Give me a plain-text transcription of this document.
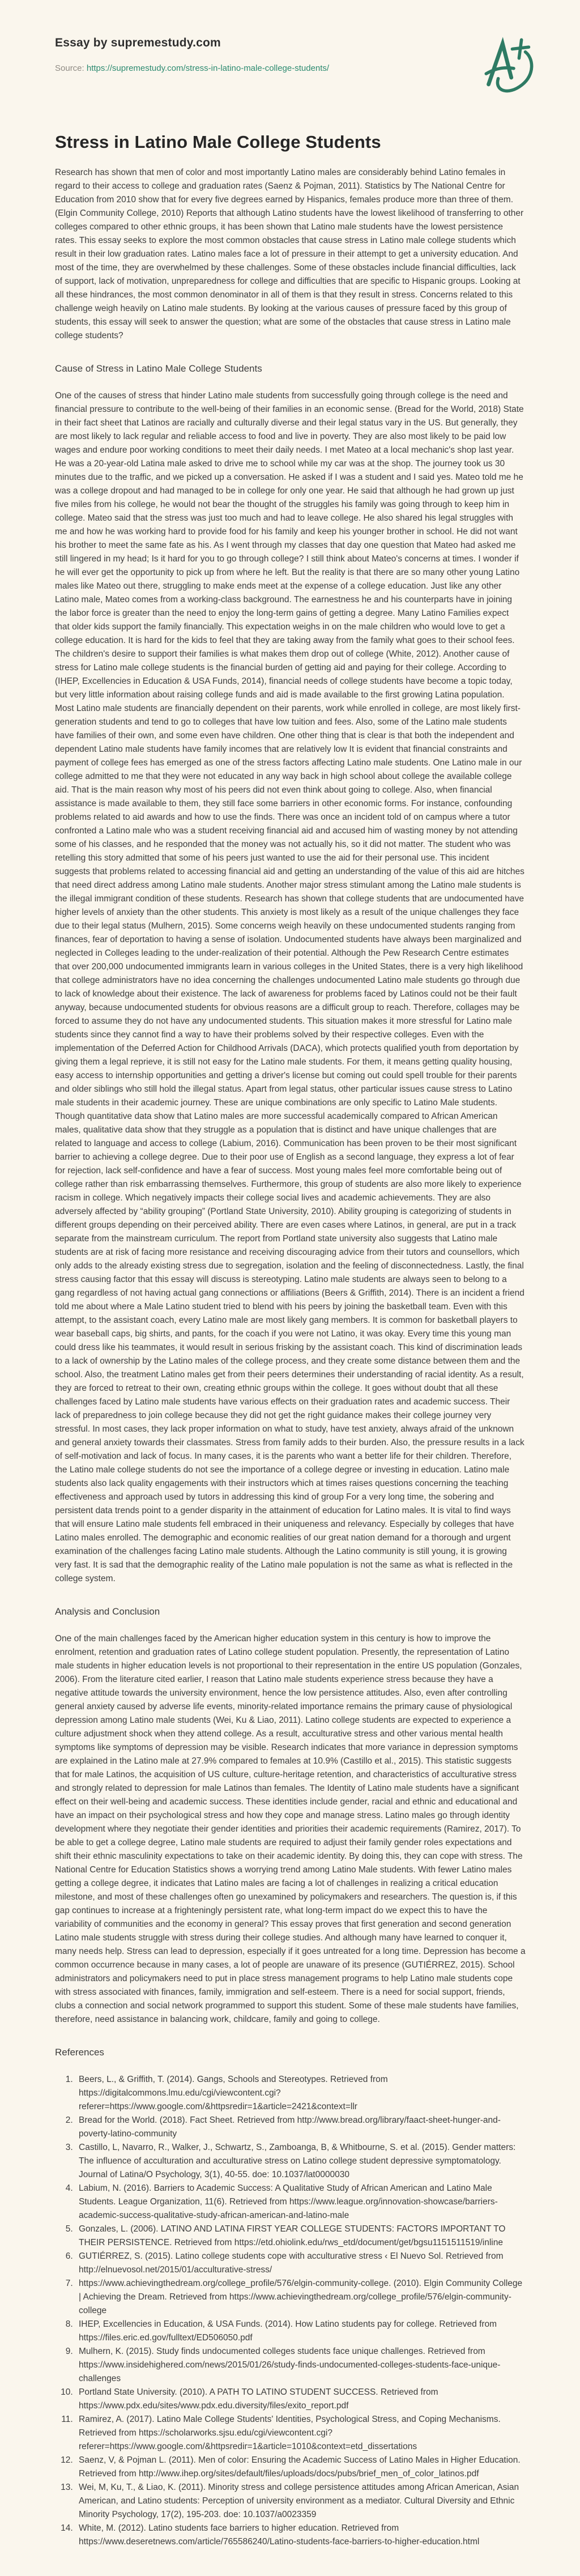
Essay by supremestudy.com

Source: https://supremestudy.com/stress-in-latino-male-college-students/

Stress in Latino Male College Students

Research has shown that men of color and most importantly Latino males are considerably behind Latino females in regard to their access to college and graduation rates (Saenz & Pojman, 2011). Statistics by The National Centre for Education from 2010 show that for every five degrees earned by Hispanics, females produce more than three of them. (Elgin Community College, 2010) Reports that although Latino students have the lowest likelihood of transferring to other colleges compared to other ethnic groups, it has been shown that Latino male students have the lowest persistence rates. This essay seeks to explore the most common obstacles that cause stress in Latino male college students which result in their low graduation rates. Latino males face a lot of pressure in their attempt to get a university education. And most of the time, they are overwhelmed by these challenges. Some of these obstacles include financial difficulties, lack of support, lack of motivation, unpreparedness for college and difficulties that are specific to Hispanic groups. Looking at all these hindrances, the most common denominator in all of them is that they result in stress. Concerns related to this challenge weigh heavily on Latino male students. By looking at the various causes of pressure faced by this group of students, this essay will seek to answer the question; what are some of the obstacles that cause stress in Latino male college students?

Cause of Stress in Latino Male College Students

One of the causes of stress that hinder Latino male students from successfully going through college is the need and financial pressure to contribute to the well-being of their families in an economic sense. (Bread for the World, 2018) State in their fact sheet that Latinos are racially and culturally diverse and their legal status vary in the US. But generally, they are most likely to lack regular and reliable access to food and live in poverty. They are also most likely to be paid low wages and endure poor working conditions to meet their daily needs. I met Mateo at a local mechanic's shop last year. He was a 20-year-old Latina male asked to drive me to school while my car was at the shop. The journey took us 30 minutes due to the traffic, and we picked up a conversation. He asked if I was a student and I said yes. Mateo told me he was a college dropout and had managed to be in college for only one year. He said that although he had grown up just five miles from his college, he would not bear the thought of the struggles his family was going through to keep him in college. Mateo said that the stress was just too much and had to leave college. He also shared his legal struggles with me and how he was working hard to provide food for his family and keep his younger brother in school. He did not want his brother to meet the same fate as his. As I went through my classes that day one question that Mateo had asked me still lingered in my head; Is it hard for you to go through college? I still think about Mateo's concerns at times. I wonder if he will ever get the opportunity to pick up from where he left. But the reality is that there are so many other young Latino males like Mateo out there, struggling to make ends meet at the expense of a college education. Just like any other Latino male, Mateo comes from a working-class background. The earnestness he and his counterparts have in joining the labor force is greater than the need to enjoy the long-term gains of getting a degree. Many Latino Families expect that older kids support the family financially. This expectation weighs in on the male children who would love to get a college education. It is hard for the kids to feel that they are taking away from the family what goes to their school fees. The children's desire to support their families is what makes them drop out of college (White, 2012). Another cause of stress for Latino male college students is the financial burden of getting aid and paying for their college. According to (IHEP, Excellencies in Education & USA Funds, 2014), financial needs of college students have become a topic today, but very little information about raising college funds and aid is made available to the first growing Latina population. Most Latino male students are financially dependent on their parents, work while enrolled in college, are most likely first-generation students and tend to go to colleges that have low tuition and fees. Also, some of the Latino male students have families of their own, and some even have children. One other thing that is clear is that both the independent and dependent Latino male students have family incomes that are relatively low It is evident that financial constraints and payment of college fees has emerged as one of the stress factors affecting Latino male students. One Latino male in our college admitted to me that they were not educated in any way back in high school about college the available college aid. That is the main reason why most of his peers did not even think about going to college. Also, when financial assistance is made available to them, they still face some barriers in other economic forms. For instance, confounding problems related to aid awards and how to use the finds. There was once an incident told of on campus where a tutor confronted a Latino male who was a student receiving financial aid and accused him of wasting money by not attending some of his classes, and he responded that the money was not actually his, so it did not matter. The student who was retelling this story admitted that some of his peers just wanted to use the aid for their personal use. This incident suggests that problems related to accessing financial aid and getting an understanding of the value of this aid are hitches that need direct address among Latino male students. Another major stress stimulant among the Latino male students is the illegal immigrant condition of these students. Research has shown that college students that are undocumented have higher levels of anxiety than the other students. This anxiety is most likely as a result of the unique challenges they face due to their legal status (Mulhern, 2015). Some concerns weigh heavily on these undocumented students ranging from finances, fear of deportation to having a sense of isolation. Undocumented students have always been marginalized and neglected in Colleges leading to the under-realization of their potential. Although the Pew Research Centre estimates that over 200,000 undocumented immigrants learn in various colleges in the United States, there is a very high likelihood that college administrators have no idea concerning the challenges undocumented Latino male students go through due to lack of knowledge about their existence. The lack of awareness for problems faced by Latinos could not be their fault anyway, because undocumented students for obvious reasons are a difficult group to reach. Therefore, collages may be forced to assume they do not have any undocumented students. This situation makes it more stressful for Latino male students since they cannot find a way to have their problems solved by their respective colleges. Even with the implementation of the Deferred Action for Childhood Arrivals (DACA), which protects qualified youth from deportation by giving them a legal reprieve, it is still not easy for the Latino male students. For them, it means getting quality housing, easy access to internship opportunities and getting a driver's license but coming out could spell trouble for their parents and older siblings who still hold the illegal status. Apart from legal status, other particular issues cause stress to Latino male students in their academic journey. These are unique combinations are only specific to Latino Male students. Though quantitative data show that Latino males are more successful academically compared to African American males, qualitative data show that they struggle as a population that is distinct and have unique challenges that are related to language and access to college (Labium, 2016). Communication has been proven to be their most significant barrier to achieving a college degree. Due to their poor use of English as a second language, they express a lot of fear for rejection, lack self-confidence and have a fear of success. Most young males feel more comfortable being out of college rather than risk embarrassing themselves. Furthermore, this group of students are also more likely to experience racism in college. Which negatively impacts their college social lives and academic achievements. They are also adversely affected by “ability grouping” (Portland State University, 2010). Ability grouping is categorizing of students in different groups depending on their perceived ability. There are even cases where Latinos, in general, are put in a track separate from the mainstream curriculum. The report from Portland state university also suggests that Latino male students are at risk of facing more resistance and receiving discouraging advice from their tutors and counsellors, which only adds to the already existing stress due to segregation, isolation and the feeling of disconnectedness. Lastly, the final stress causing factor that this essay will discuss is stereotyping. Latino male students are always seen to belong to a gang regardless of not having actual gang connections or affiliations (Beers & Griffith, 2014). There is an incident a friend told me about where a Male Latino student tried to blend with his peers by joining the basketball team. Even with this attempt, to the assistant coach, every Latino male are most likely gang members. It is common for basketball players to wear baseball caps, big shirts, and pants, for the coach if you were not Latino, it was okay. Every time this young man could dress like his teammates, it would result in serious frisking by the assistant coach. This kind of discrimination leads to a lack of ownership by the Latino males of the college process, and they create some distance between them and the school. Also, the treatment Latino males get from their peers determines their understanding of racial identity. As a result, they are forced to retreat to their own, creating ethnic groups within the college. It goes without doubt that all these challenges faced by Latino male students have various effects on their graduation rates and academic success. Their lack of preparedness to join college because they did not get the right guidance makes their college journey very stressful. In most cases, they lack proper information on what to study, have test anxiety, always afraid of the unknown and general anxiety towards their classmates. Stress from family adds to their burden. Also, the pressure results in a lack of self-motivation and lack of focus. In many cases, it is the parents who want a better life for their children. Therefore, the Latino male college students do not see the importance of a college degree or investing in education. Latino male students also lack quality engagements with their instructors which at times raises questions concerning the teaching effectiveness and approach used by tutors in addressing this kind of group For a very long time, the sobering and persistent data trends point to a gender disparity in the attainment of education for Latino males. It is vital to find ways that will ensure Latino male students fell embraced in their uniqueness and relevancy. Especially by colleges that have Latino males enrolled. The demographic and economic realities of our great nation demand for a thorough and urgent examination of the challenges facing Latino male students. Although the Latino community is still young, it is growing very fast. It is sad that the demographic reality of the Latino male population is not the same as what is reflected in the college system.

Analysis and Conclusion

One of the main challenges faced by the American higher education system in this century is how to improve the enrolment, retention and graduation rates of Latino college student population. Presently, the representation of Latino male students in higher education levels is not proportional to their representation in the entire US population (Gonzales, 2006). From the literature cited earlier, I reason that Latino male students experience stress because they have a negative attitude towards the university environment, hence the low persistence attitudes. Also, even after controlling general anxiety caused by adverse life events, minority-related importance remains the primary cause of physiological depression among Latino male students (Wei, Ku & Liao, 2011). Latino college students are expected to experience a culture adjustment shock when they attend college. As a result, acculturative stress and other various mental health symptoms like symptoms of depression may be visible. Research indicates that more variance in depression symptoms are explained in the Latino male at 27.9% compared to females at 10.9% (Castillo et al., 2015). This statistic suggests that for male Latinos, the acquisition of US culture, culture-heritage retention, and characteristics of acculturative stress and strongly related to depression for male Latinos than females. The Identity of Latino male students have a significant effect on their well-being and academic success. These identities include gender, racial and ethnic and educational and have an impact on their psychological stress and how they cope and manage stress. Latino males go through identity development where they negotiate their gender identities and priorities their academic requirements (Ramirez, 2017). To be able to get a college degree, Latino male students are required to adjust their family gender roles expectations and shift their ethnic masculinity expectations to take on their academic identity. By doing this, they can cope with stress. The National Centre for Education Statistics shows a worrying trend among Latino Male students. With fewer Latino males getting a college degree, it indicates that Latino males are facing a lot of challenges in realizing a critical education milestone, and most of these challenges often go unexamined by policymakers and researchers. The question is, if this gap continues to increase at a frighteningly persistent rate, what long-term impact do we expect this to have the variability of communities and the economy in general? This essay proves that first generation and second generation Latino male students struggle with stress during their college studies. And although many have learned to conquer it, many needs help. Stress can lead to depression, especially if it goes untreated for a long time. Depression has become a common occurrence because in many cases, a lot of people are unaware of its presence (GUTIÉRREZ, 2015). School administrators and policymakers need to put in place stress management programs to help Latino male students cope with stress associated with finances, family, immigration and self-esteem. There is a need for social support, friends, clubs a connection and social network programmed to support this student. Some of these male students have families, therefore, need assistance in balancing work, childcare, family and going to college.

References
1. Beers, L., & Griffith, T. (2014). Gangs, Schools and Stereotypes. Retrieved from https://digitalcommons.lmu.edu/cgi/viewcontent.cgi?referer=https://www.google.com/&httpsredir=1&article=2421&context=llr
2. Bread for the World. (2018). Fact Sheet. Retrieved from http://www.bread.org/library/faact-sheet-hunger-and-poverty-latino-community
3. Castillo, L, Navarro, R., Walker, J., Schwartz, S., Zamboanga, B, & Whitbourne, S. et al. (2015). Gender matters: The influence of acculturation and acculturative stress on Latino college student depressive symptomatology. Journal of Latina/O Psychology, 3(1), 40-55. doe: 10.1037/lat0000030
4. Labium, N. (2016). Barriers to Academic Success: A Qualitative Study of African American and Latino Male Students. League Organization, 11(6). Retrieved from https://www.league.org/innovation-showcase/barriers-academic-success-qualitative-study-african-american-and-latino-male
5. Gonzales, L. (2006). LATINO AND LATINA FIRST YEAR COLLEGE STUDENTS: FACTORS IMPORTANT TO THEIR PERSISTENCE. Retrieved from https://etd.ohiolink.edu/rws_etd/document/get/bgsu1151511519/inline
6. GUTIÉRREZ, S. (2015). Latino college students cope with acculturative stress ‹ El Nuevo Sol. Retrieved from http://elnuevosol.net/2015/01/acculturative-stress/
7. https://www.achievingthedream.org/college_profile/576/elgin-community-college. (2010). Elgin Community College | Achieving the Dream. Retrieved from https://www.achievingthedream.org/college_profile/576/elgin-community-college
8. IHEP, Excellencies in Education, & USA Funds. (2014). How Latino students pay for college. Retrieved from https://files.eric.ed.gov/fulltext/ED506050.pdf
9. Mulhern, K. (2015). Study finds undocumented colleges students face unique challenges. Retrieved from https://www.insidehighered.com/news/2015/01/26/study-finds-undocumented-colleges-students-face-unique-challenges
10. Portland State University. (2010). A PATH TO LATINO STUDENT SUCCESS. Retrieved from https://www.pdx.edu/sites/www.pdx.edu.diversity/files/exito_report.pdf
11. Ramirez, A. (2017). Latino Male College Students' Identities, Psychological Stress, and Coping Mechanisms. Retrieved from https://scholarworks.sjsu.edu/cgi/viewcontent.cgi?referer=https://www.google.com/&httpsredir=1&article=1010&context=etd_dissertations
12. Saenz, V, & Pojman L. (2011). Men of color: Ensuring the Academic Success of Latino Males in Higher Education. Retrieved from http://www.ihep.org/sites/default/files/uploads/docs/pubs/brief_men_of_color_latinos.pdf
13. Wei, M, Ku, T., & Liao, K. (2011). Minority stress and college persistence attitudes among African American, Asian American, and Latino students: Perception of university environment as a mediator. Cultural Diversity and Ethnic Minority Psychology, 17(2), 195-203. doe: 10.1037/a0023359
14. White, M. (2012). Latino students face barriers to higher education. Retrieved from https://www.deseretnews.com/article/765586240/Latino-students-face-barriers-to-higher-education.html
